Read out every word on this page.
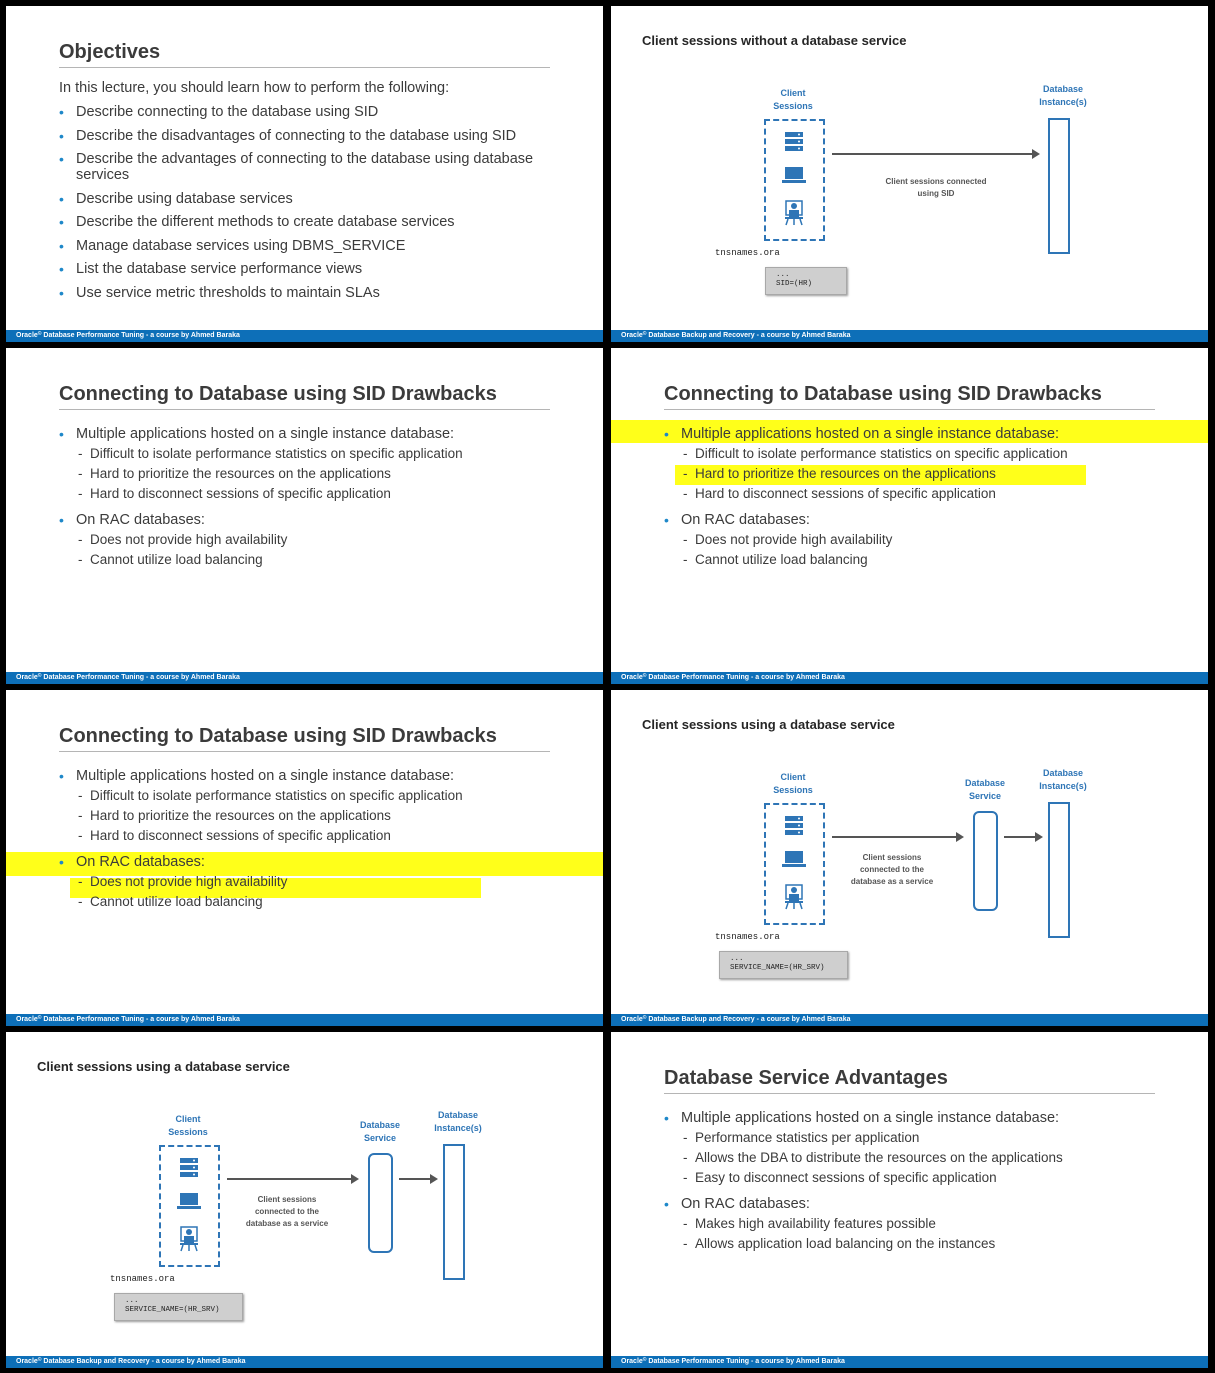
Objectives
In this lecture, you should learn how to perform the following:
• Describe connecting to the database using SID
• Describe the disadvantages of connecting to the database using SID
• Describe the advantages of connecting to the database using database services
• Describe using database services
• Describe the different methods to create database services
• Manage database services using DBMS_SERVICE
• List the database service performance views
• Use service metric thresholds to maintain SLAs
Oracle© Database Performance Tuning - a course by Ahmed Baraka
Client sessions without a database service
Client
Sessions
Database
Instance(s)
Client sessions connected
using SID
tnsnames.ora
...
SID=(HR)
Oracle© Database Backup and Recovery - a course by Ahmed Baraka
Connecting to Database using SID Drawbacks
• Multiple applications hosted on a single instance database:
- Difficult to isolate performance statistics on specific application
- Hard to prioritize the resources on the applications
- Hard to disconnect sessions of specific application
• On RAC databases:
- Does not provide high availability
- Cannot utilize load balancing
Oracle© Database Performance Tuning - a course by Ahmed Baraka
Connecting to Database using SID Drawbacks
• Multiple applications hosted on a single instance database:
- Difficult to isolate performance statistics on specific application
- Hard to prioritize the resources on the applications
- Hard to disconnect sessions of specific application
• On RAC databases:
- Does not provide high availability
- Cannot utilize load balancing
Oracle© Database Performance Tuning - a course by Ahmed Baraka
Connecting to Database using SID Drawbacks
• Multiple applications hosted on a single instance database:
- Difficult to isolate performance statistics on specific application
- Hard to prioritize the resources on the applications
- Hard to disconnect sessions of specific application
• On RAC databases:
- Does not provide high availability
- Cannot utilize load balancing
Oracle© Database Performance Tuning - a course by Ahmed Baraka
Client sessions using a database service
Client
Sessions
Database
Service
Database
Instance(s)
Client sessions
connected to the
database as a service
tnsnames.ora
...
SERVICE_NAME=(HR_SRV)
Oracle© Database Backup and Recovery - a course by Ahmed Baraka
Client sessions using a database service
Client
Sessions
Database
Service
Database
Instance(s)
Client sessions
connected to the
database as a service
tnsnames.ora
...
SERVICE_NAME=(HR_SRV)
Oracle© Database Backup and Recovery - a course by Ahmed Baraka
Database Service Advantages
• Multiple applications hosted on a single instance database:
- Performance statistics per application
- Allows the DBA to distribute the resources on the applications
- Easy to disconnect sessions of specific application
• On RAC databases:
- Makes high availability features possible
- Allows application load balancing on the instances
Oracle© Database Performance Tuning - a course by Ahmed Baraka
